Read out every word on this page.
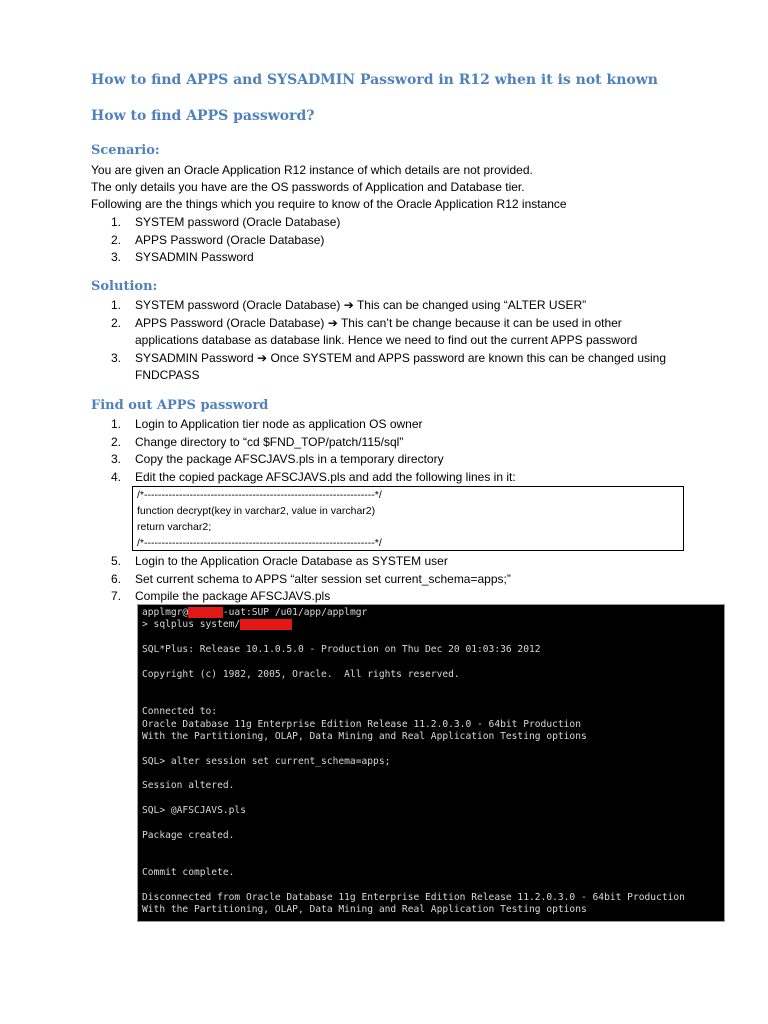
How to find APPS and SYSADMIN Password in R12 when it is not known
How to find APPS password?
Scenario:

You are given an Oracle Application R12 instance of which details are not provided.

The only details you have are the OS passwords of Application and Database tier.

Following are the things which you require to know of the Oracle Application R12 instance

1. SYSTEM password (Oracle Database)
2. APPS Password (Oracle Database)
3. SYSADMIN Password
Solution:
1. SYSTEM password (Oracle Database) ➔ This can be changed using “ALTER USER”
2. APPS Password (Oracle Database) ➔ This can’t be change because it can be used in other
applications database as database link. Hence we need to find out the current APPS password
3. SYSADMIN Password ➔ Once SYSTEM and APPS password are known this can be changed using
FNDCPASS
Find out APPS password
1. Login to Application tier node as application OS owner
2. Change directory to “cd $FND_TOP/patch/115/sql”
3. Copy the package AFSCJAVS.pls in a temporary directory
4. Edit the copied package AFSCJAVS.pls and add the following lines in it:
/*------------------------------------------------------------------*/
function decrypt(key in varchar2, value in varchar2)
return varchar2;
/*------------------------------------------------------------------*/
5. Login to the Application Oracle Database as SYSTEM user
6. Set current schema to APPS “alter session set current_schema=apps;”
7. Compile the package AFSCJAVS.pls
applmgr@oradev-uat:SUP /u01/app/applmgr
> sqlplus system/welcome12
SQL*Plus: Release 10.1.0.5.0 - Production on Thu Dec 20 01:03:36 2012
Copyright (c) 1982, 2005, Oracle.  All rights reserved.
Connected to:
Oracle Database 11g Enterprise Edition Release 11.2.0.3.0 - 64bit Production
With the Partitioning, OLAP, Data Mining and Real Application Testing options
SQL> alter session set current_schema=apps;
Session altered.
SQL> @AFSCJAVS.pls
Package created.
Commit complete.
Disconnected from Oracle Database 11g Enterprise Edition Release 11.2.0.3.0 - 64bit Production
With the Partitioning, OLAP, Data Mining and Real Application Testing options
